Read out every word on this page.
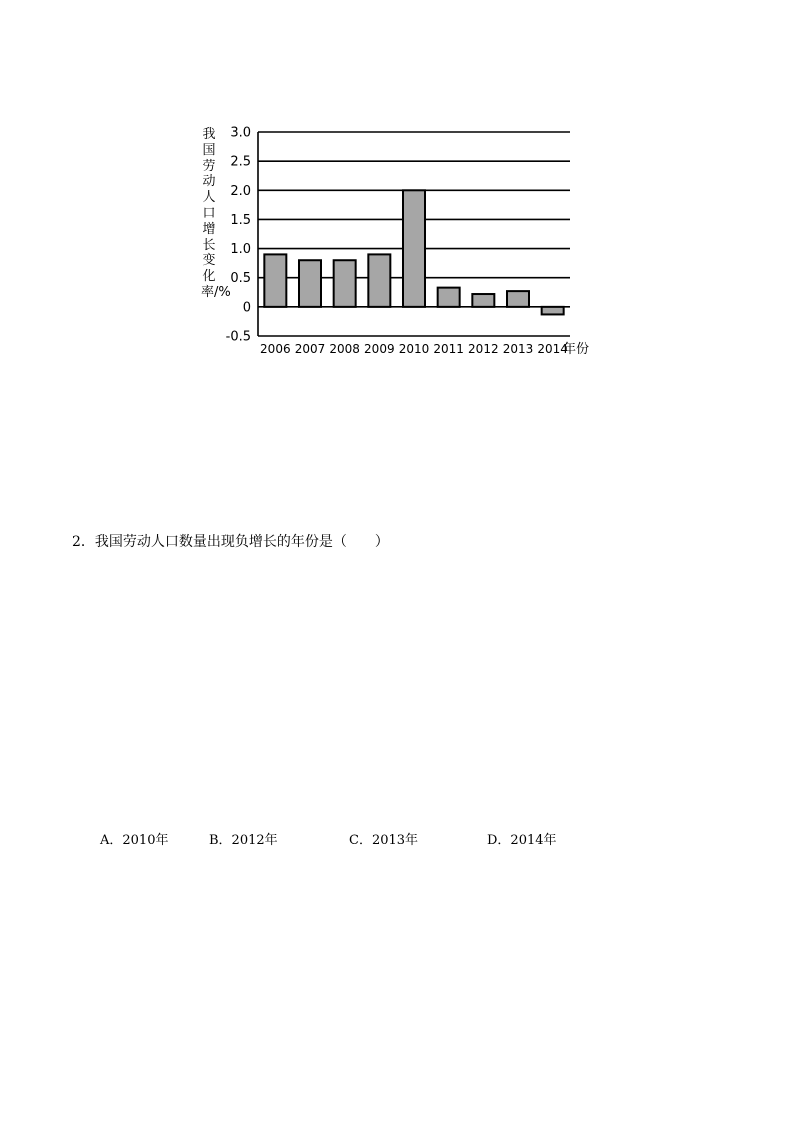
3.0
2.5
2.0
1.5
1.0
0.5
0
-0.5
2006 2007 2008 2009 2010 2011 2012 2013 2014
年份
我国劳动人口增长变化率/%
2．我国劳动人口数量出现负增长的年份是（　　）
A．2010年	B．2012年	C．2013年	D．2014年
